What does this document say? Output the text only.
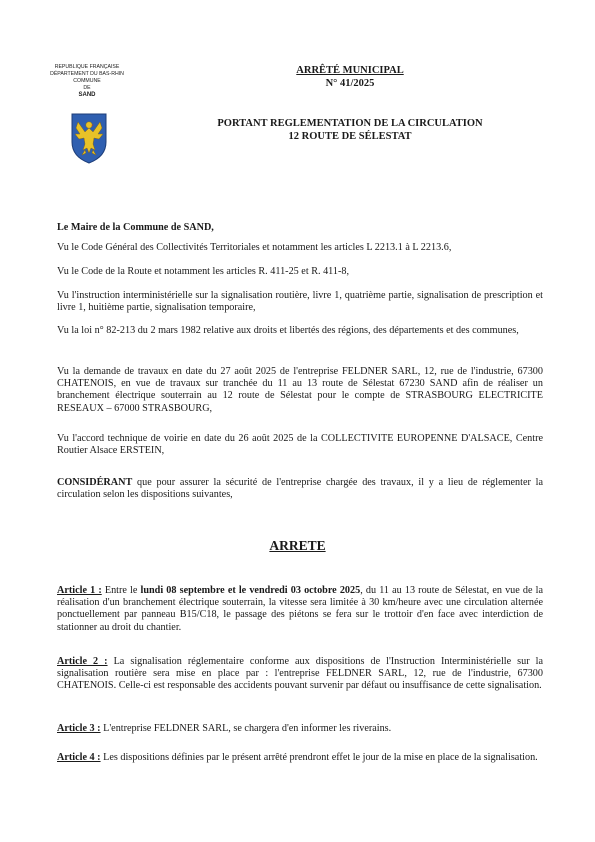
REPUBLIQUE FRANÇAISE
DÉPARTEMENT DU BAS-RHIN
COMMUNE
DE
SAND
ARRÊTÉ MUNICIPAL
N° 41/2025
PORTANT REGLEMENTATION DE LA CIRCULATION
12 ROUTE DE SÉLESTAT
Le Maire de la Commune de SAND,
Vu le Code Général des Collectivités Territoriales et notamment les articles L 2213.1 à L 2213.6,
Vu le Code de la Route et notamment les articles R. 411-25 et R. 411-8,
Vu l'instruction interministérielle sur la signalisation routière, livre 1, quatrième partie, signalisation de prescription et livre 1, huitième partie, signalisation temporaire,
Vu la loi n° 82-213 du 2 mars 1982 relative aux droits et libertés des régions, des départements et des communes,
Vu la demande de travaux en date du 27 août 2025 de l'entreprise FELDNER SARL, 12, rue de l'industrie, 67300 CHATENOIS, en vue de travaux sur tranchée du 11 au 13 route de Sélestat 67230 SAND afin de réaliser un branchement électrique souterrain au 12 route de Sélestat pour le compte de STRASBOURG ELECTRICITE RESEAUX – 67000 STRASBOURG,
Vu l'accord technique de voirie en date du 26 août 2025 de la COLLECTIVITE EUROPENNE D'ALSACE, Centre Routier Alsace ERSTEIN,
CONSIDÉRANT que pour assurer la sécurité de l'entreprise chargée des travaux, il y a lieu de réglementer la circulation selon les dispositions suivantes,
ARRETE
Article 1 : Entre le lundi 08 septembre et le vendredi 03 octobre 2025, du 11 au 13 route de Sélestat, en vue de la réalisation d'un branchement électrique souterrain, la vitesse sera limitée à 30 km/heure avec une circulation alternée ponctuellement par panneau B15/C18, le passage des piétons se fera sur le trottoir d'en face avec interdiction de stationner au droit du chantier.
Article 2 : La signalisation réglementaire conforme aux dispositions de l'Instruction Interministérielle sur la signalisation routière sera mise en place par : l'entreprise FELDNER SARL, 12, rue de l'industrie, 67300 CHATENOIS. Celle-ci est responsable des accidents pouvant survenir par défaut ou insuffisance de cette signalisation.
Article 3 : L'entreprise FELDNER SARL, se chargera d'en informer les riverains.
Article 4 : Les dispositions définies par le présent arrêté prendront effet le jour de la mise en place de la signalisation.
